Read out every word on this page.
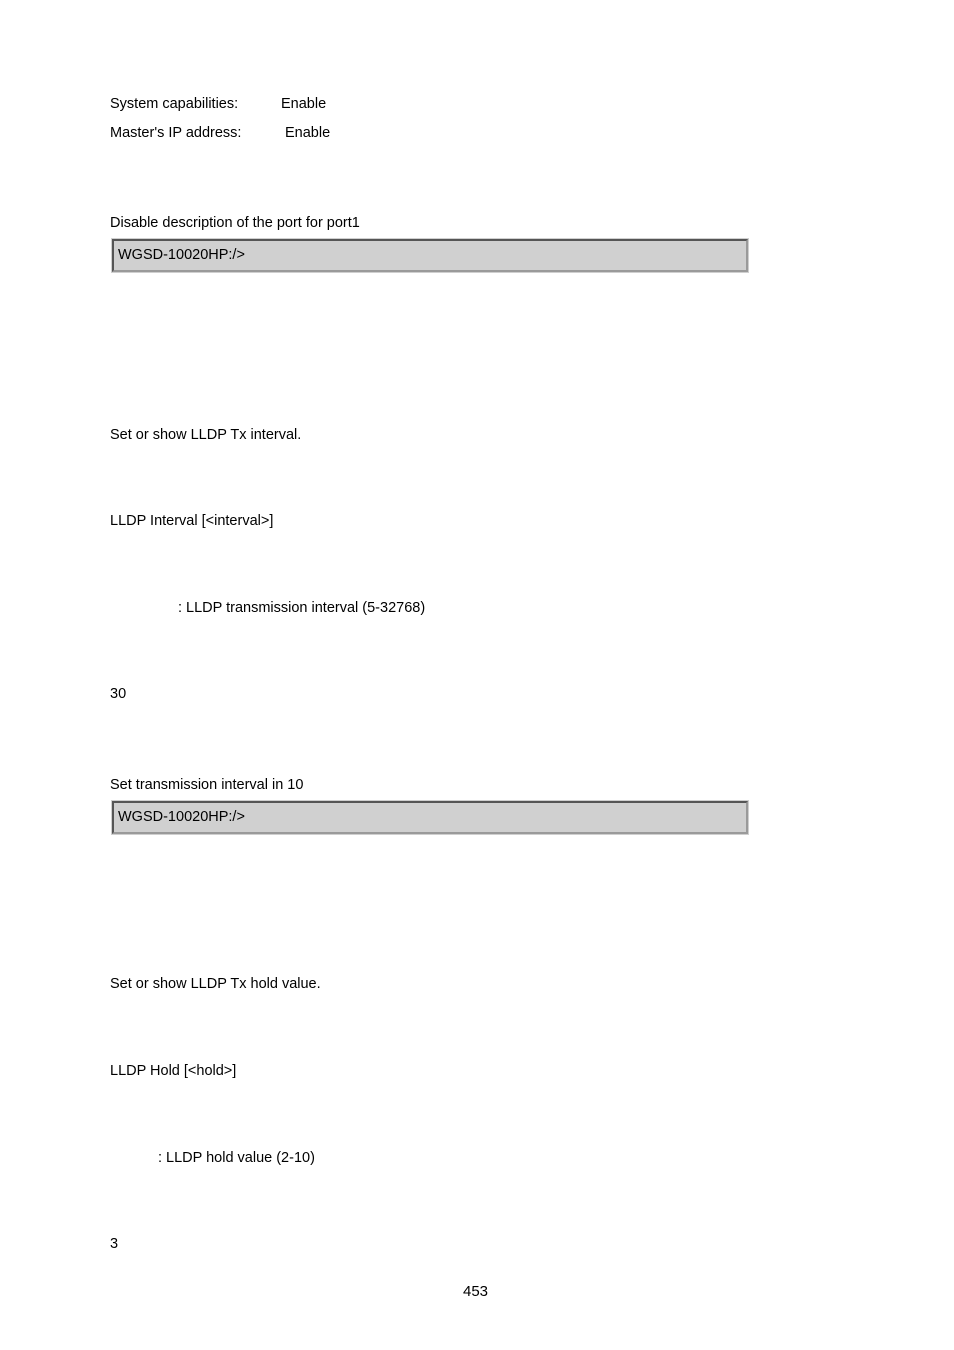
System capabilities:	Enable
Master's IP address:	Enable
Disable description of the port for port1
WGSD-10020HP:/>
Set or show LLDP Tx interval.
LLDP Interval [<interval>]
: LLDP transmission interval (5-32768)
30
Set transmission interval in 10
WGSD-10020HP:/>
Set or show LLDP Tx hold value.
LLDP Hold [<hold>]
: LLDP hold value (2-10)
3
453
